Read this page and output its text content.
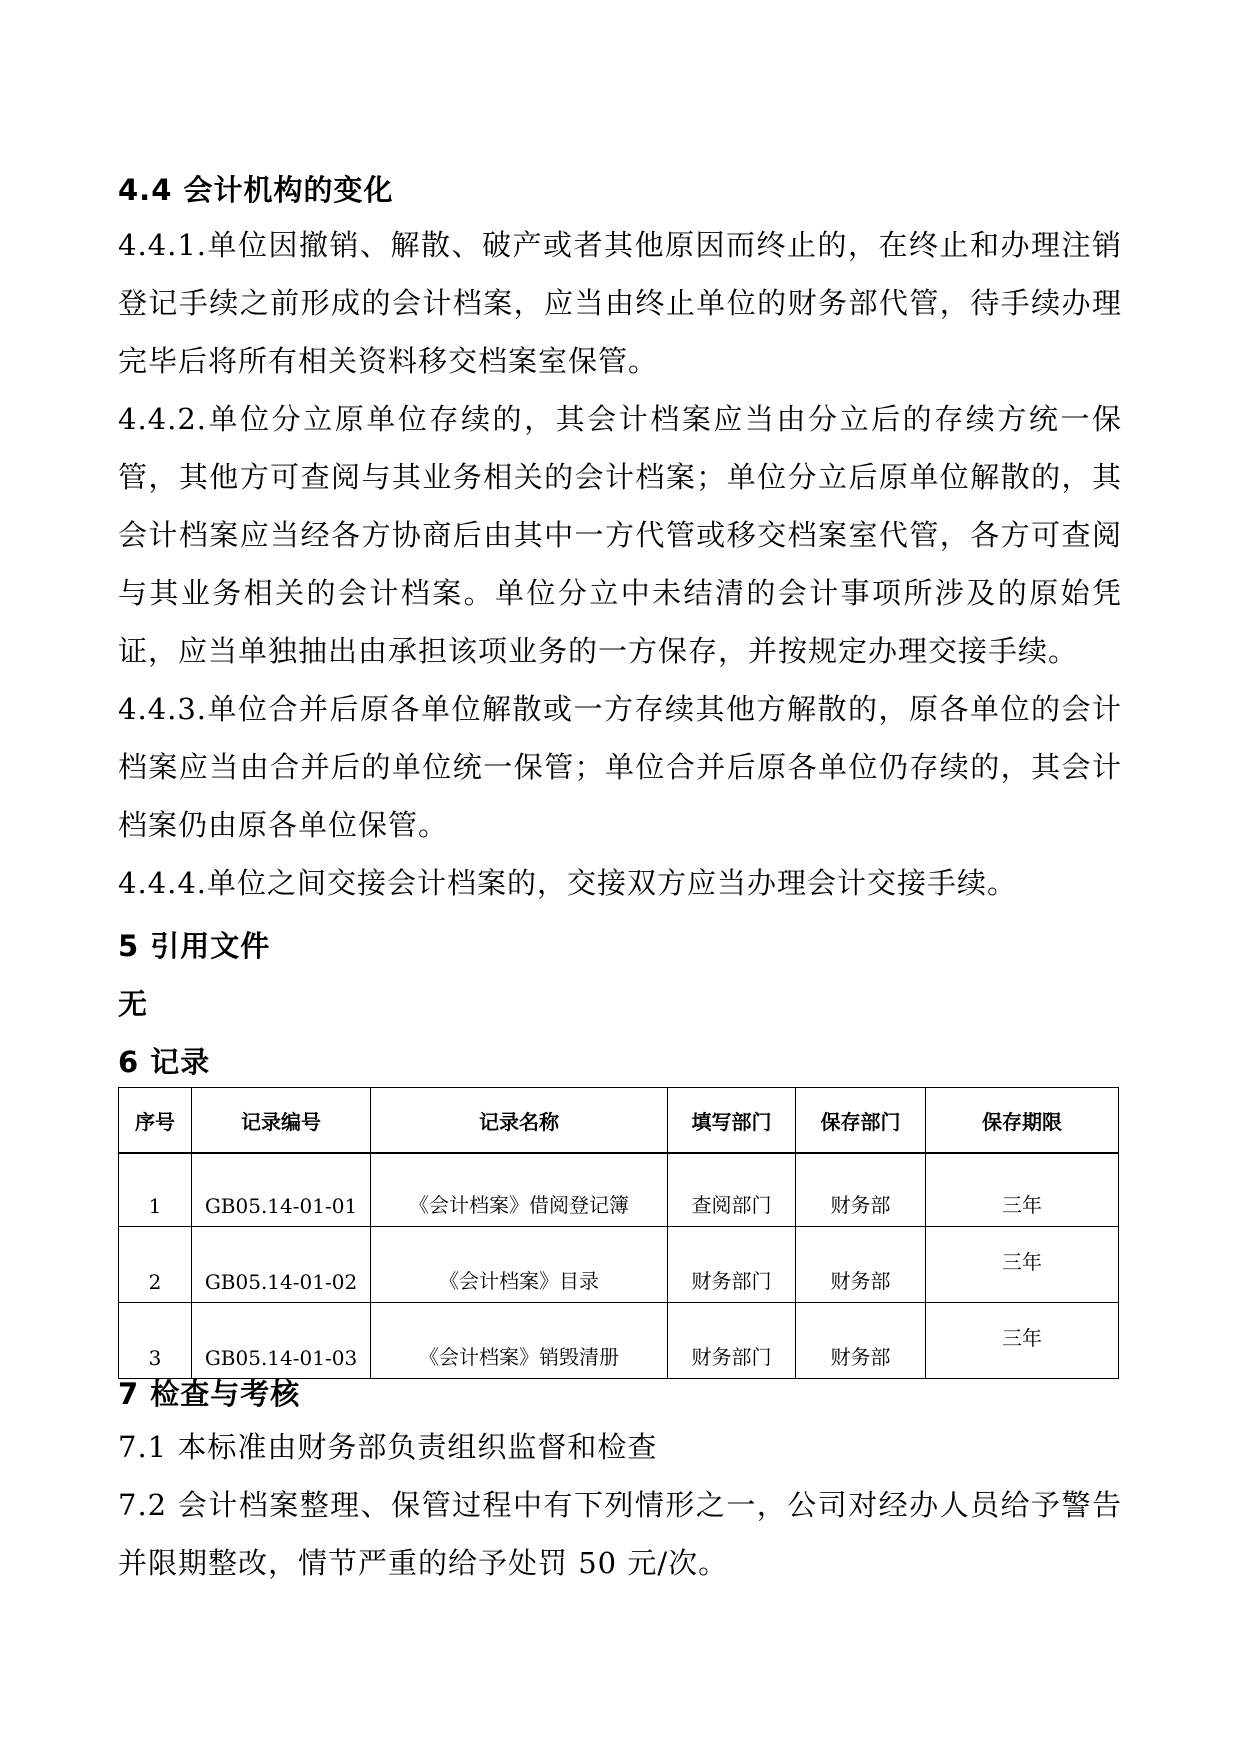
4.4 会计机构的变化

4.4.1.单位因撤销、解散、破产或者其他原因而终止的，在终止和办理注销登记手续之前形成的会计档案，应当由终止单位的财务部代管，待手续办理完毕后将所有相关资料移交档案室保管。

4.4.2.单位分立原单位存续的，其会计档案应当由分立后的存续方统一保管，其他方可查阅与其业务相关的会计档案；单位分立后原单位解散的，其会计档案应当经各方协商后由其中一方代管或移交档案室代管，各方可查阅与其业务相关的会计档案。单位分立中未结清的会计事项所涉及的原始凭证，应当单独抽出由承担该项业务的一方保存，并按规定办理交接手续。

4.4.3.单位合并后原各单位解散或一方存续其他方解散的，原各单位的会计档案应当由合并后的单位统一保管；单位合并后原各单位仍存续的，其会计档案仍由原各单位保管。

4.4.4.单位之间交接会计档案的，交接双方应当办理会计交接手续。

5 引用文件
无
6 记录
序号	记录编号	记录名称	填写部门	保存部门	保存期限
1	GB05.14-01-01	《会计档案》借阅登记簿	查阅部门	财务部	三年
2	GB05.14-01-02	《会计档案》目录	财务部门	财务部	三年
3	GB05.14-01-03	《会计档案》销毁清册	财务部门	财务部	三年
7 检查与考核

7.1 本标准由财务部负责组织监督和检查

7.2 会计档案整理、保管过程中有下列情形之一，公司对经办人员给予警告并限期整改，情节严重的给予处罚 50 元/次。
